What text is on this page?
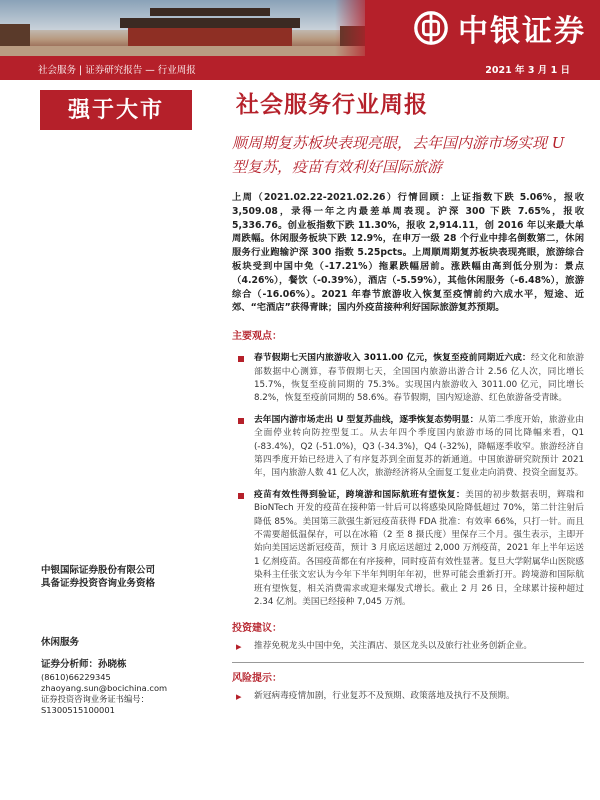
中银证券
社会服务 | 证券研究报告 — 行业周报	2021 年 3 月 1 日
强于大市
中银国际证券股份有限公司
具备证券投资咨询业务资格
休闲服务
证券分析师：孙晓栋
(8610)66229345
zhaoyang.sun@bocichina.com
证券投资咨询业务证书编号：S1300515100001
社会服务行业周报
顺周期复苏板块表现亮眼，去年国内游市场实现 U 型复苏，疫苗有效利好国际旅游
上周（2021.02.22-2021.02.26）行情回顾：上证指数下跌 5.06%，报收 3,509.08，录得一年之内最差单周表现。沪深 300 下跌 7.65%，报收 5,336.76。创业板指数下跌 11.30%，报收 2,914.11，创 2016 年以来最大单周跌幅。休闲服务板块下跌 12.9%，在申万一级 28 个行业中排名倒数第二，休闲服务行业跑输沪深 300 指数 5.25pcts。上周顺周期复苏板块表现亮眼，旅游综合板块受到中国中免（-17.21%）拖累跌幅居前。涨跌幅由高到低分别为：景点（4.26%），餐饮（-0.39%），酒店（-5.59%），其他休闲服务（-6.48%），旅游综合（-16.06%）。2021 年春节旅游收入恢复至疫情前约六成水平，短途、近郊、“宅酒店”获得青睐；国内外疫苗接种利好国际旅游复苏预期。
主要观点：
春节假期七天国内旅游收入 3011.00 亿元，恢复至疫前同期近六成：经文化和旅游部数据中心测算，春节假期七天，全国国内旅游出游合计 2.56 亿人次，同比增长 15.7%，恢复至疫前同期的 75.3%。实现国内旅游收入 3011.00 亿元，同比增长 8.2%，恢复至疫前同期的 58.6%。春节假期，国内短途游、红色旅游备受青睐。
去年国内游市场走出 U 型复苏曲线，逐季恢复态势明显：从第二季度开始，旅游业由全面停业转向防控型复工。从去年四个季度国内旅游市场的同比降幅来看，Q1 (-83.4%)，Q2 (-51.0%)，Q3 (-34.3%)，Q4 (-32%)，降幅逐季收窄。旅游经济自第四季度开始已经进入了有序复苏到全面复苏的新通道。中国旅游研究院预计 2021 年，国内旅游人数 41 亿人次，旅游经济将从全面复工复业走向消费、投资全面复苏。
疫苗有效性得到验证，跨境游和国际航班有望恢复：美国的初步数据表明，辉瑞和 BioNTech 开发的疫苗在接种第一针后可以将感染风险降低超过 70%，第二针注射后降低 85%。美国第三款强生新冠疫苗获得 FDA 批准：有效率 66%，只打一针。而且不需要超低温保存，可以在冰箱（2 至 8 摄氏度）里保存三个月。强生表示，主即开始向美国运送新冠疫苗，预计 3 月底运送超过 2,000 万剂疫苗，2021 年上半年运送 1 亿剂疫苗。各国疫苗都在有序接种，同时疫苗有效性显著。复旦大学附属华山医院感染科主任张文宏认为今年下半年判明年年初，世界可能会重新打开。跨境游和国际航班有望恢复，相关消费需求或迎来爆发式增长。截止 2 月 26 日，全球累计接种超过 2.34 亿剂。美国已经接种 7,045 万剂。
投资建议：
▸ 推荐免税龙头中国中免，关注酒店、景区龙头以及旅行社业务创新企业。
风险提示：
▸ 新冠病毒疫情加剧，行业复苏不及预期、政策落地及执行不及预期。
